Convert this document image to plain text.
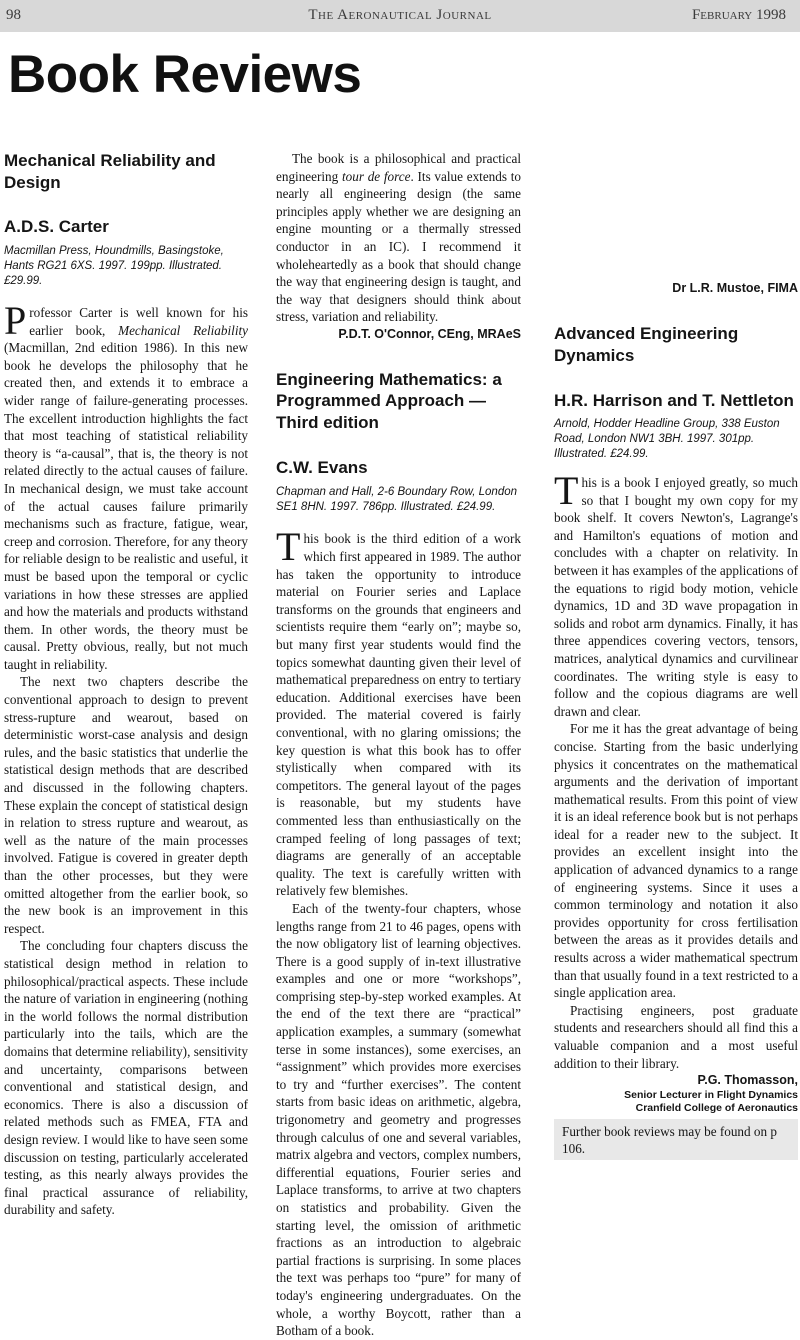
98	The Aeronautical Journal	February 1998
Book Reviews
Mechanical Reliability and Design
A.D.S. Carter
Macmillan Press, Houndmills, Basingstoke, Hants RG21 6XS. 1997. 199pp. Illustrated. £29.99.

Professor Carter is well known for his earlier book, Mechanical Reliability (Macmillan, 2nd edition 1986). In this new book he develops the philosophy that he created then, and extends it to embrace a wider range of failure-generating processes. The excellent introduction highlights the fact that most teaching of statistical reliability theory is “a-causal”, that is, the theory is not related directly to the actual causes of failure. In mechanical design, we must take account of the actual causes failure primarily mechanisms such as fracture, fatigue, wear, creep and corrosion. Therefore, for any theory for reliable design to be realistic and useful, it must be based upon the temporal or cyclic variations in how these stresses are applied and how the materials and products withstand them. In other words, the theory must be causal. Pretty obvious, really, but not much taught in reliability.

The next two chapters describe the conventional approach to design to prevent stress-rupture and wearout, based on deterministic worst-case analysis and design rules, and the basic statistics that underlie the statistical design methods that are described and discussed in the following chapters. These explain the concept of statistical design in relation to stress rupture and wearout, as well as the nature of the main processes involved. Fatigue is covered in greater depth than the other processes, but they were omitted altogether from the earlier book, so the new book is an improvement in this respect.

The concluding four chapters discuss the statistical design method in relation to philosophical/practical aspects. These include the nature of variation in engineering (nothing in the world follows the normal distribution particularly into the tails, which are the domains that determine reliability), sensitivity and uncertainty, comparisons between conventional and statistical design, and economics. There is also a discussion of related methods such as FMEA, FTA and design review. I would like to have seen some discussion on testing, particularly accelerated testing, as this nearly always provides the final practical assurance of reliability, durability and safety.

The book is a philosophical and practical engineering tour de force. Its value extends to nearly all engineering design (the same principles apply whether we are designing an engine mounting or a thermally stressed conductor in an IC). I recommend it wholeheartedly as a book that should change the way that engineering design is taught, and the way that designers should think about stress, variation and reliability.

P.D.T. O'Connor, CEng, MRAeS
Engineering Mathematics: a Programmed Approach — Third edition
C.W. Evans
Chapman and Hall, 2-6 Boundary Row, London SE1 8HN. 1997. 786pp. Illustrated. £24.99.

This book is the third edition of a work which first appeared in 1989. The author has taken the opportunity to introduce material on Fourier series and Laplace transforms on the grounds that engineers and scientists require them “early on”; maybe so, but many first year students would find the topics somewhat daunting given their level of mathematical preparedness on entry to tertiary education. Additional exercises have been provided. The material covered is fairly conventional, with no glaring omissions; the key question is what this book has to offer stylistically when compared with its competitors. The general layout of the pages is reasonable, but my students have commented less than enthusiastically on the cramped feeling of long passages of text; diagrams are generally of an acceptable quality. The text is carefully written with relatively few blemishes.

Each of the twenty-four chapters, whose lengths range from 21 to 46 pages, opens with the now obligatory list of learning objectives. There is a good supply of in-text illustrative examples and one or more “workshops”, comprising step-by-step worked examples. At the end of the text there are “practical” application examples, a summary (somewhat terse in some instances), some exercises, an “assignment” which provides more exercises to try and “further exercises”. The content starts from basic ideas on arithmetic, algebra, trigonometry and geometry and progresses through calculus of one and several variables, matrix algebra and vectors, complex numbers, differential equations, Fourier series and Laplace transforms, to arrive at two chapters on statistics and probability. Given the starting level, the omission of arithmetic fractions as an introduction to algebraic partial fractions is surprising. In some places the text was perhaps too “pure” for many of today's engineering undergraduates. On the whole, a worthy Boycott, rather than a Botham of a book.

Dr L.R. Mustoe, FIMA
Advanced Engineering Dynamics
H.R. Harrison and T. Nettleton
Arnold, Hodder Headline Group, 338 Euston Road, London NW1 3BH. 1997. 301pp. Illustrated. £24.99.

This is a book I enjoyed greatly, so much so that I bought my own copy for my book shelf. It covers Newton's, Lagrange's and Hamilton's equations of motion and concludes with a chapter on relativity. In between it has examples of the applications of the equations to rigid body motion, vehicle dynamics, 1D and 3D wave propagation in solids and robot arm dynamics. Finally, it has three appendices covering vectors, tensors, matrices, analytical dynamics and curvilinear coordinates. The writing style is easy to follow and the copious diagrams are well drawn and clear.

For me it has the great advantage of being concise. Starting from the basic underlying physics it concentrates on the mathematical arguments and the derivation of important mathematical results. From this point of view it is an ideal reference book but is not perhaps ideal for a reader new to the subject. It provides an excellent insight into the application of advanced dynamics to a range of engineering systems. Since it uses a common terminology and notation it also provides opportunity for cross fertilisation between the areas as it provides details and results across a wider mathematical spectrum than that usually found in a text restricted to a single application area.

Practising engineers, post graduate students and researchers should all find this a valuable companion and a most useful addition to their library.

P.G. Thomasson,
Senior Lecturer in Flight Dynamics
Cranfield College of Aeronautics
Further book reviews may be found on p 106.
